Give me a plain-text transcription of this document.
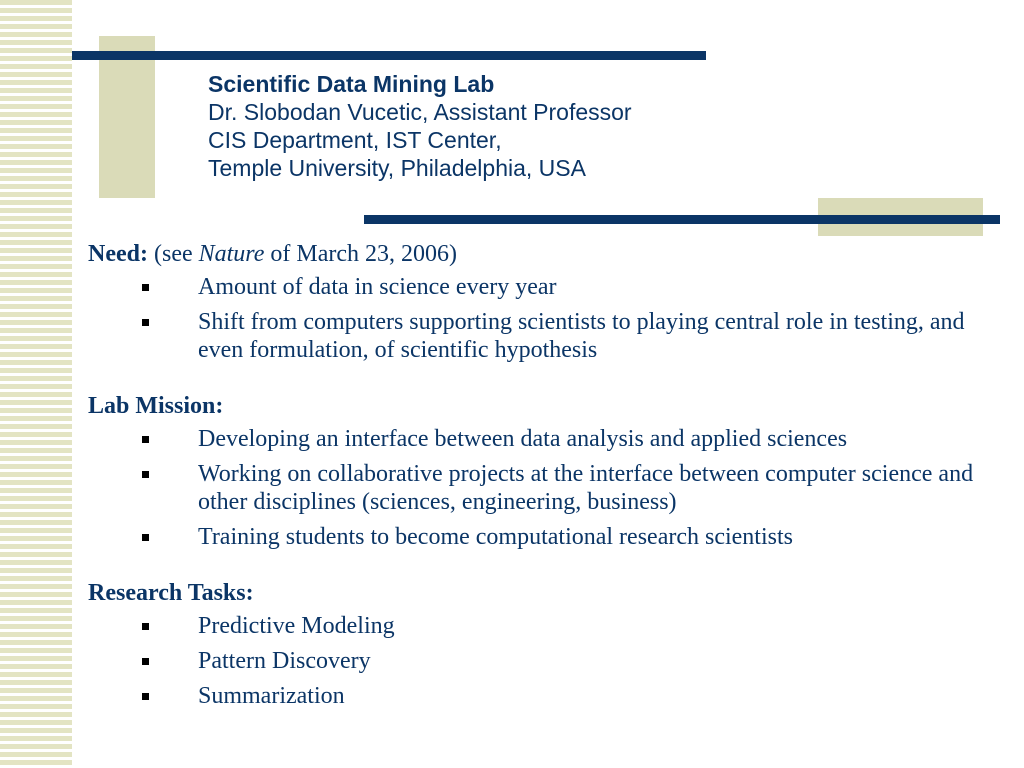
Scientific Data Mining Lab
Dr. Slobodan Vucetic, Assistant Professor
CIS Department, IST Center,
Temple University, Philadelphia, USA
Need: (see Nature of March 23, 2006)
Amount of data in science every year
Shift from computers supporting scientists to playing central role in testing, and even formulation, of scientific hypothesis
Lab Mission:
Developing an interface between data analysis and applied sciences
Working on collaborative projects at the interface between computer science and other disciplines (sciences, engineering, business)
Training students to become computational research scientists
Research Tasks:
Predictive Modeling
Pattern Discovery
Summarization
